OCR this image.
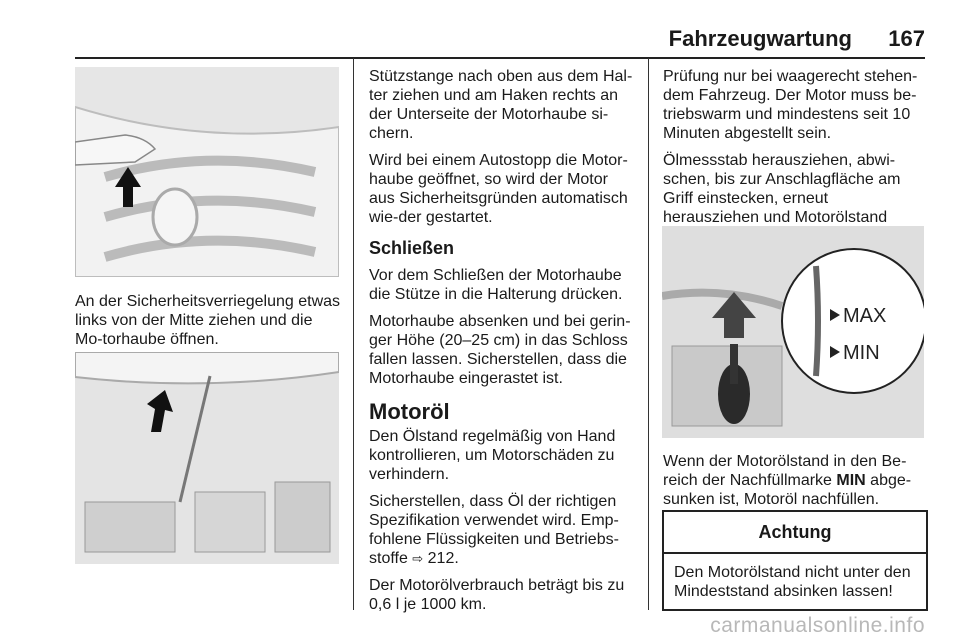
Fahrzeugwartung 167

An der Sicherheitsverriegelung etwas links von der Mitte ziehen und die Mo-torhaube öffnen.

Stützstange nach oben aus dem Hal-ter ziehen und am Haken rechts an der Unterseite der Motorhaube si-chern.

Wird bei einem Autostopp die Motor-haube geöffnet, so wird der Motor aus Sicherheitsgründen automatisch wie-der gestartet.

Schließen

Vor dem Schließen der Motorhaube die Stütze in die Halterung drücken.

Motorhaube absenken und bei gerin-ger Höhe (20–25 cm) in das Schloss fallen lassen. Sicherstellen, dass die Motorhaube eingerastet ist.

Motoröl

Den Ölstand regelmäßig von Hand kontrollieren, um Motorschäden zu verhindern.

Sicherstellen, dass Öl der richtigen Spezifikation verwendet wird. Emp-fohlene Flüssigkeiten und Betriebs-stoffe ⇨ 212.

Der Motorölverbrauch beträgt bis zu 0,6 l je 1000 km.

Prüfung nur bei waagerecht stehen-dem Fahrzeug. Der Motor muss be-triebswarm und mindestens seit 10 Minuten abgestellt sein.

Ölmessstab herausziehen, abwi-schen, bis zur Anschlagfläche am Griff einstecken, erneut herausziehen und Motorölstand

MAX
MIN

Wenn der Motorölstand in den Be-reich der Nachfüllmarke MIN abge-sunken ist, Motoröl nachfüllen.

Achtung
Den Motorölstand nicht unter den Mindeststand absinken lassen!
carmanualsonline.info
